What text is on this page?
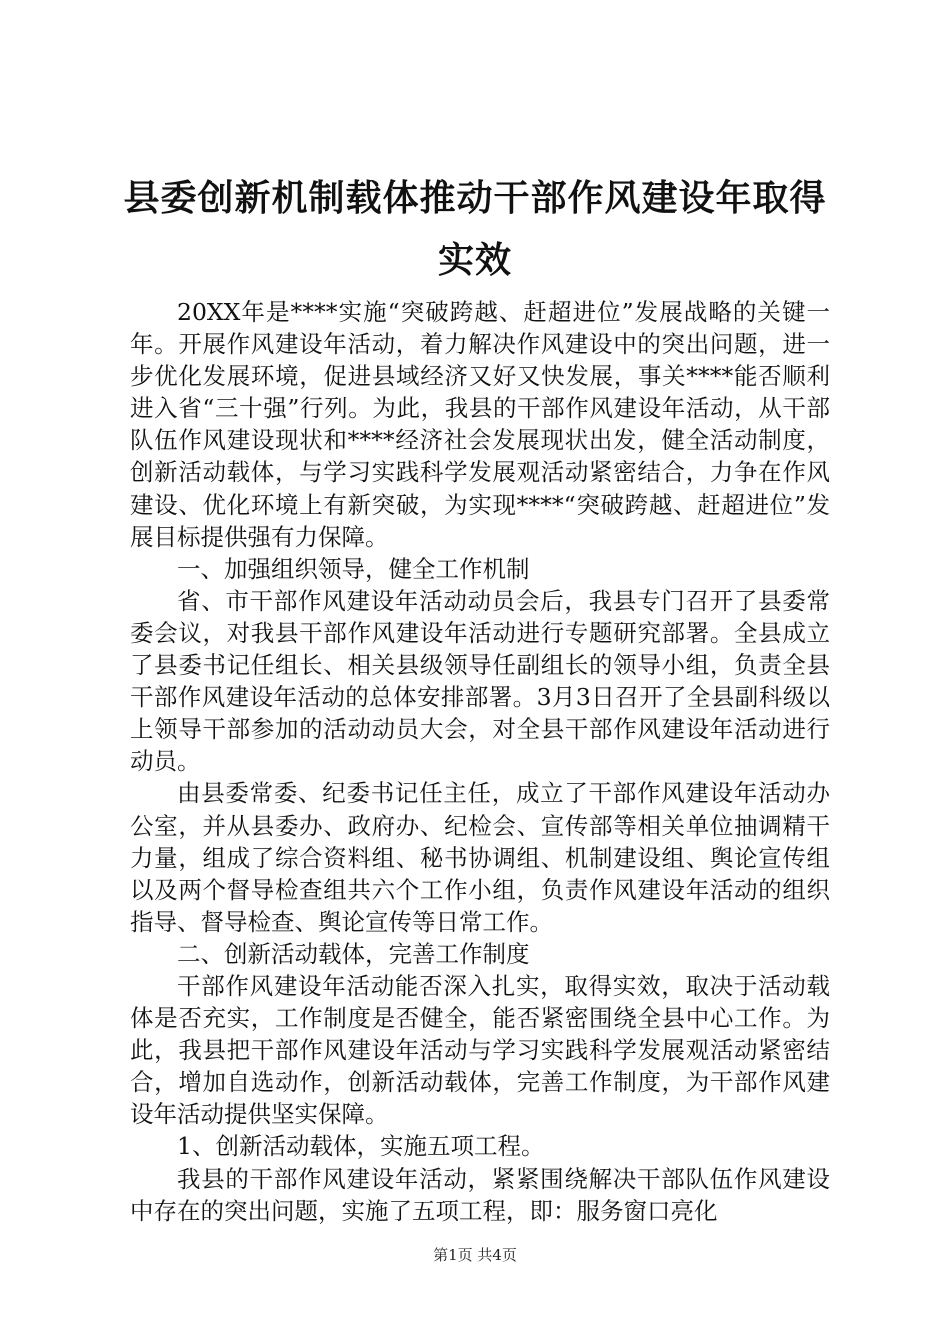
县委创新机制载体推动干部作风建设年取得实效

20XX年是****实施“突破跨越、赶超进位”发展战略的关键一年。开展作风建设年活动，着力解决作风建设中的突出问题，进一步优化发展环境，促进县域经济又好又快发展，事关****能否顺利进入省“三十强”行列。为此，我县的干部作风建设年活动，从干部队伍作风建设现状和****经济社会发展现状出发，健全活动制度，创新活动载体，与学习实践科学发展观活动紧密结合，力争在作风建设、优化环境上有新突破，为实现****“突破跨越、赶超进位”发展目标提供强有力保障。

一、加强组织领导，健全工作机制

省、市干部作风建设年活动动员会后，我县专门召开了县委常委会议，对我县干部作风建设年活动进行专题研究部署。全县成立了县委书记任组长、相关县级领导任副组长的领导小组，负责全县干部作风建设年活动的总体安排部署。3月3日召开了全县副科级以上领导干部参加的活动动员大会，对全县干部作风建设年活动进行动员。

由县委常委、纪委书记任主任，成立了干部作风建设年活动办公室，并从县委办、政府办、纪检会、宣传部等相关单位抽调精干力量，组成了综合资料组、秘书协调组、机制建设组、舆论宣传组以及两个督导检查组共六个工作小组，负责作风建设年活动的组织指导、督导检查、舆论宣传等日常工作。

二、创新活动载体，完善工作制度

干部作风建设年活动能否深入扎实，取得实效，取决于活动载体是否充实，工作制度是否健全，能否紧密围绕全县中心工作。为此，我县把干部作风建设年活动与学习实践科学发展观活动紧密结合，增加自选动作，创新活动载体，完善工作制度，为干部作风建设年活动提供坚实保障。

1、创新活动载体，实施五项工程。

我县的干部作风建设年活动，紧紧围绕解决干部队伍作风建设中存在的突出问题，实施了五项工程，即：服务窗口亮化

第1页 共4页
